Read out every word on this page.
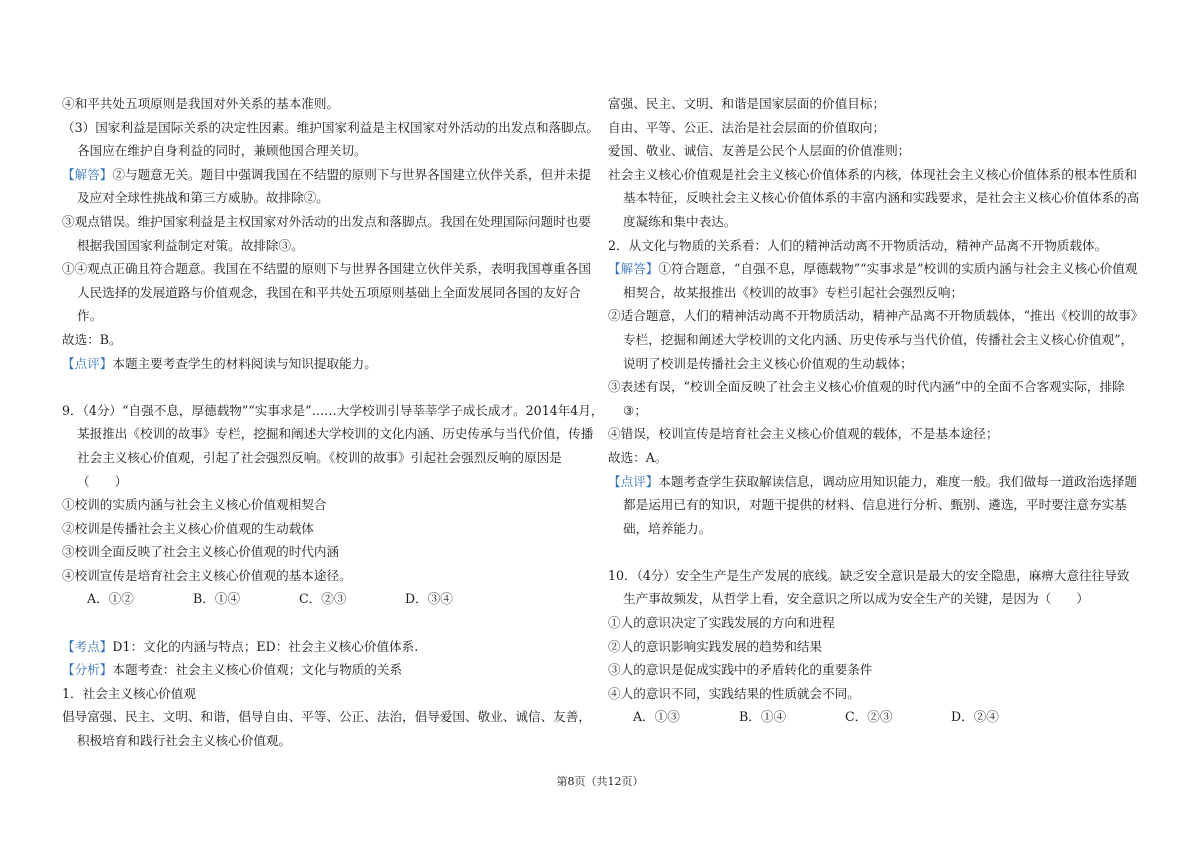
④和平共处五项原则是我国对外关系的基本准则。
（3）国家利益是国际关系的决定性因素。维护国家利益是主权国家对外活动的出发点和落脚点。
各国应在维护自身利益的同时，兼顾他国合理关切。
【解答】②与题意无关。题目中强调我国在不结盟的原则下与世界各国建立伙伴关系，但并未提
及应对全球性挑战和第三方威胁。故排除②。
③观点错误。维护国家利益是主权国家对外活动的出发点和落脚点。我国在处理国际问题时也要
根据我国国家利益制定对策。故排除③。
①④观点正确且符合题意。我国在不结盟的原则下与世界各国建立伙伴关系，表明我国尊重各国
人民选择的发展道路与价值观念，我国在和平共处五项原则基础上全面发展同各国的友好合
作。
故选：B。
【点评】本题主要考查学生的材料阅读与知识提取能力。
9．（4分）“自强不息，厚德载物”“实事求是”……大学校训引导莘莘学子成长成才。2014年4月，
某报推出《校训的故事》专栏，挖掘和阐述大学校训的文化内涵、历史传承与当代价值，传播
社会主义核心价值观，引起了社会强烈反响。《校训的故事》引起社会强烈反响的原因是
（　　）
①校训的实质内涵与社会主义核心价值观相契合
②校训是传播社会主义核心价值观的生动载体
③校训全面反映了社会主义核心价值观的时代内涵
④校训宣传是培育社会主义核心价值观的基本途径。
A．①②	B．①④	C．②③	D．③④
【考点】D1：文化的内涵与特点；ED：社会主义核心价值体系.
【分析】本题考查：社会主义核心价值观；文化与物质的关系
1．社会主义核心价值观
倡导富强、民主、文明、和谐，倡导自由、平等、公正、法治，倡导爱国、敬业、诚信、友善，
积极培育和践行社会主义核心价值观。
富强、民主、文明、和谐是国家层面的价值目标；
自由、平等、公正、法治是社会层面的价值取向；
爱国、敬业、诚信、友善是公民个人层面的价值准则；
社会主义核心价值观是社会主义核心价值体系的内核，体现社会主义核心价值体系的根本性质和
基本特征，反映社会主义核心价值体系的丰富内涵和实践要求，是社会主义核心价值体系的高
度凝练和集中表达。
2．从文化与物质的关系看：人们的精神活动离不开物质活动，精神产品离不开物质载体。
【解答】①符合题意，“自强不息，厚德载物”“实事求是”校训的实质内涵与社会主义核心价值观
相契合，故某报推出《校训的故事》专栏引起社会强烈反响；
②适合题意，人们的精神活动离不开物质活动，精神产品离不开物质载体，“推出《校训的故事》
专栏，挖掘和阐述大学校训的文化内涵、历史传承与当代价值，传播社会主义核心价值观”，
说明了校训是传播社会主义核心价值观的生动载体；
③表述有误，“校训全面反映了社会主义核心价值观的时代内涵”中的全面不合客观实际，排除
③；
④错误，校训宣传是培育社会主义核心价值观的载体，不是基本途径；
故选：A。
【点评】本题考查学生获取解读信息，调动应用知识能力，难度一般。我们做每一道政治选择题
都是运用已有的知识，对题干提供的材料、信息进行分析、甄别、遴选，平时要注意夯实基
础，培养能力。
10．（4分）安全生产是生产发展的底线。缺乏安全意识是最大的安全隐患，麻痹大意往往导致
生产事故频发，从哲学上看，安全意识之所以成为安全生产的关键，是因为（　　）
①人的意识决定了实践发展的方向和进程
②人的意识影响实践发展的趋势和结果
③人的意识是促成实践中的矛盾转化的重要条件
④人的意识不同，实践结果的性质就会不同。
A．①③	B．①④	C．②③	D．②④
第8页（共12页）
